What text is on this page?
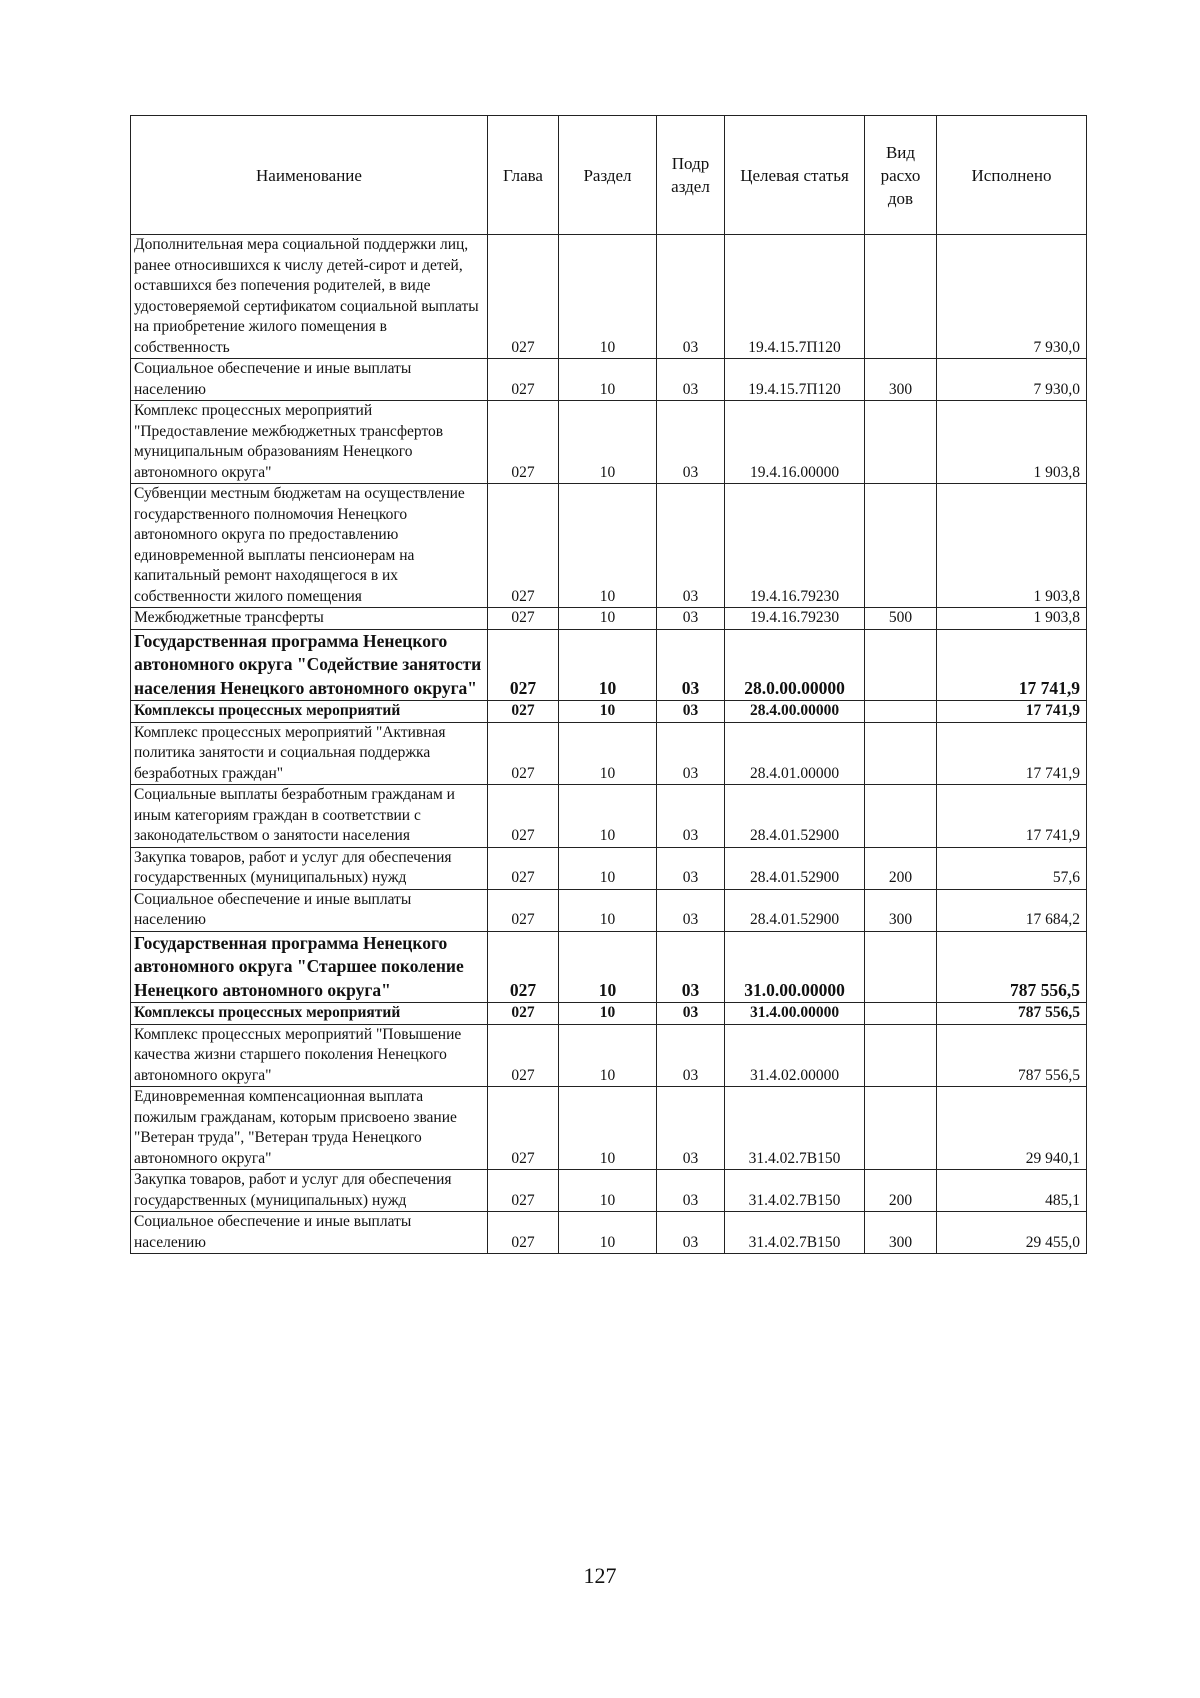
Наименование	Глава	Раздел	Подр аздел	Целевая статья	Вид расхо дов	Исполнено
Дополнительная мера социальной поддержки лиц, ранее относившихся к числу детей-сирот и детей, оставшихся без попечения родителей, в виде удостоверяемой сертификатом социальной выплаты на приобретение жилого помещения в собственность	027	10	03	19.4.15.7П120		7 930,0
Социальное обеспечение и иные выплаты населению	027	10	03	19.4.15.7П120	300	7 930,0
Комплекс процессных мероприятий "Предоставление межбюджетных трансфертов муниципальным образованиям Ненецкого автономного округа"	027	10	03	19.4.16.00000		1 903,8
Субвенции местным бюджетам на осуществление государственного полномочия Ненецкого автономного округа по предоставлению единовременной выплаты пенсионерам на капитальный ремонт находящегося в их собственности жилого помещения	027	10	03	19.4.16.79230		1 903,8
Межбюджетные трансферты	027	10	03	19.4.16.79230	500	1 903,8
Государственная программа Ненецкого автономного округа "Содействие занятости населения Ненецкого автономного округа"	027	10	03	28.0.00.00000		17 741,9
Комплексы процессных мероприятий	027	10	03	28.4.00.00000		17 741,9
Комплекс процессных мероприятий "Активная политика занятости и социальная поддержка безработных граждан"	027	10	03	28.4.01.00000		17 741,9
Социальные выплаты безработным гражданам и иным категориям граждан в соответствии с законодательством о занятости населения	027	10	03	28.4.01.52900		17 741,9
Закупка товаров, работ и услуг для обеспечения государственных (муниципальных) нужд	027	10	03	28.4.01.52900	200	57,6
Социальное обеспечение и иные выплаты населению	027	10	03	28.4.01.52900	300	17 684,2
Государственная программа Ненецкого автономного округа "Старшее поколение Ненецкого автономного округа"	027	10	03	31.0.00.00000		787 556,5
Комплексы процессных мероприятий	027	10	03	31.4.00.00000		787 556,5
Комплекс процессных мероприятий "Повышение качества жизни старшего поколения Ненецкого автономного округа"	027	10	03	31.4.02.00000		787 556,5
Единовременная компенсационная выплата пожилым гражданам, которым присвоено звание "Ветеран труда", "Ветеран труда Ненецкого автономного округа"	027	10	03	31.4.02.7В150		29 940,1
Закупка товаров, работ и услуг для обеспечения государственных (муниципальных) нужд	027	10	03	31.4.02.7В150	200	485,1
Социальное обеспечение и иные выплаты населению	027	10	03	31.4.02.7В150	300	29 455,0
127
